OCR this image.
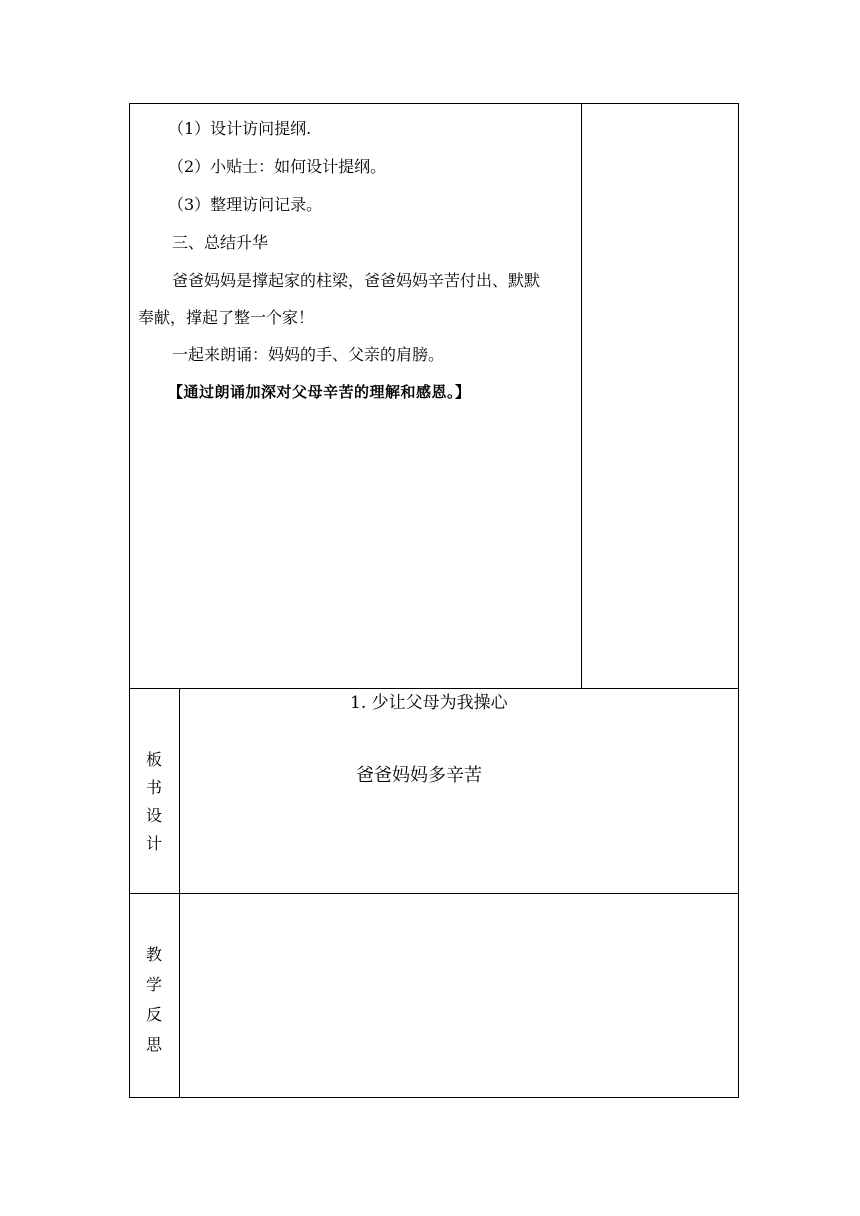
（1）设计访问提纲.
（2）小贴士：如何设计提纲。
（3）整理访问记录。
三、总结升华
爸爸妈妈是撑起家的柱梁，爸爸妈妈辛苦付出、默默
奉献，撑起了整一个家！
一起来朗诵：妈妈的手、父亲的肩膀。
【通过朗诵加深对父母辛苦的理解和感恩。】
板
书
设
计
1. 少让父母为我操心
爸爸妈妈多辛苦
教
学
反
思
